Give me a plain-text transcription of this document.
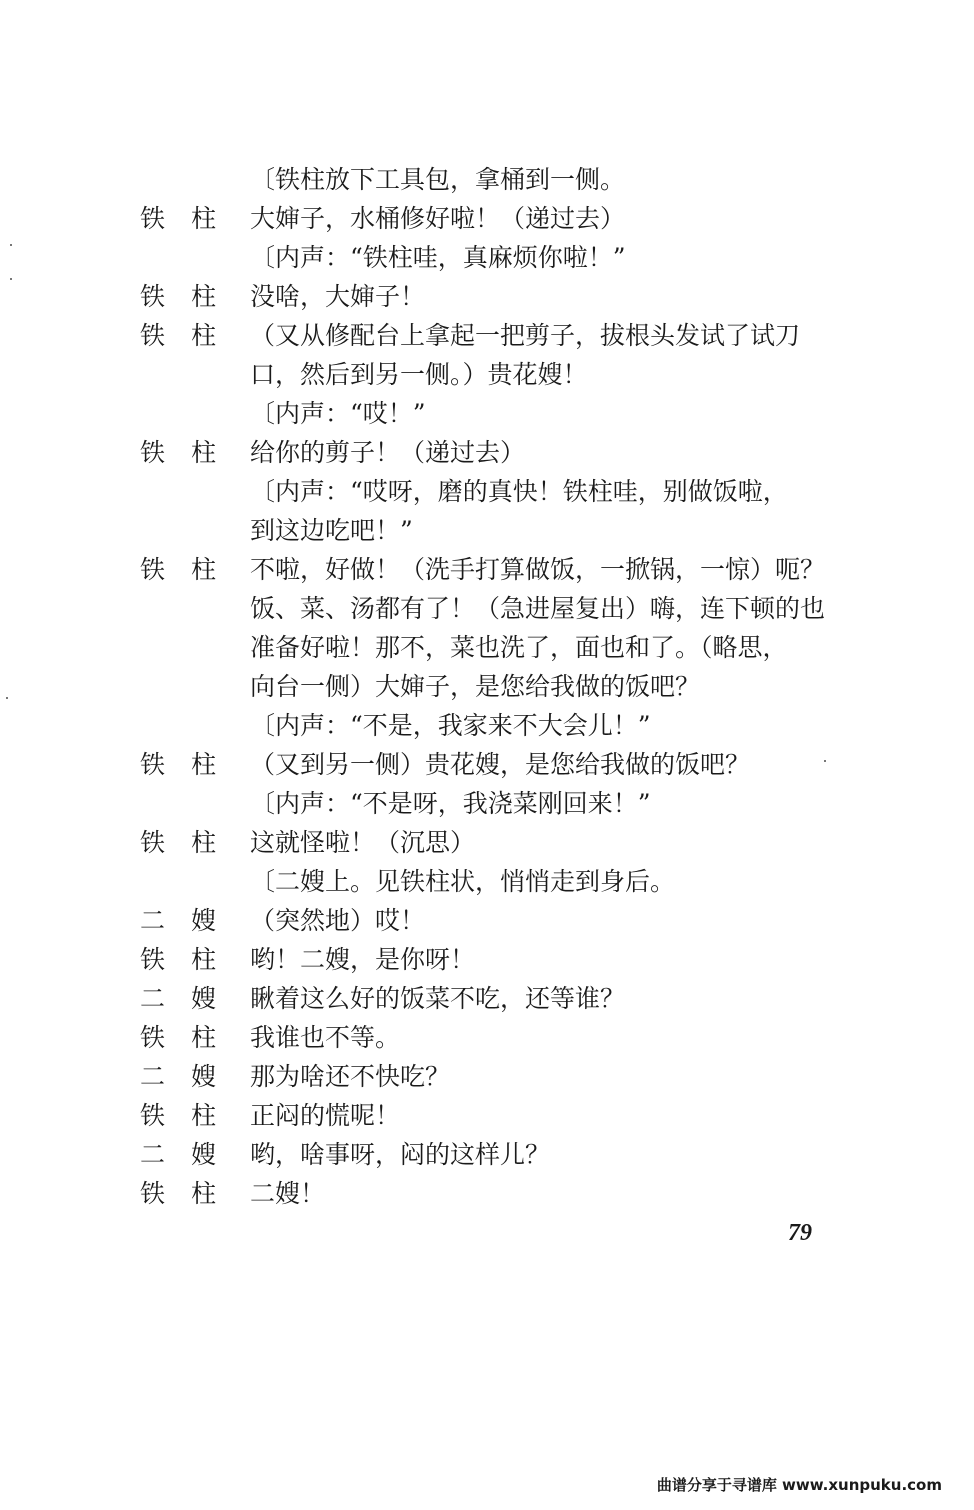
〔铁柱放下工具包，拿桶到一侧。
铁柱 大婶子，水桶修好啦！（递过去）
〔内声：“铁柱哇，真麻烦你啦！”
铁柱 没啥，大婶子！
铁柱 （又从修配台上拿起一把剪子，拔根头发试了试刀
口，然后到另一侧。）贵花嫂！
〔内声：“哎！”
铁柱 给你的剪子！（递过去）
〔内声：“哎呀，磨的真快！铁柱哇，别做饭啦，
到这边吃吧！”
铁柱 不啦，好做！（洗手打算做饭，一掀锅，一惊）呃？
饭、菜、汤都有了！（急进屋复出）嗨，连下顿的也
准备好啦！那不，菜也洗了，面也和了。（略思，
向台一侧）大婶子，是您给我做的饭吧？
〔内声：“不是，我家来不大会儿！”
铁柱 （又到另一侧）贵花嫂，是您给我做的饭吧？
〔内声：“不是呀，我浇菜刚回来！”
铁柱 这就怪啦！（沉思）
〔二嫂上。见铁柱状，悄悄走到身后。
二嫂 （突然地）哎！
铁柱 哟！二嫂，是你呀！
二嫂 瞅着这么好的饭菜不吃，还等谁？
铁柱 我谁也不等。
二嫂 那为啥还不快吃？
铁柱 正闷的慌呢！
二嫂 哟，啥事呀，闷的这样儿？
铁柱 二嫂！
79
曲谱分享于寻谱库 www.xunpuku.com
